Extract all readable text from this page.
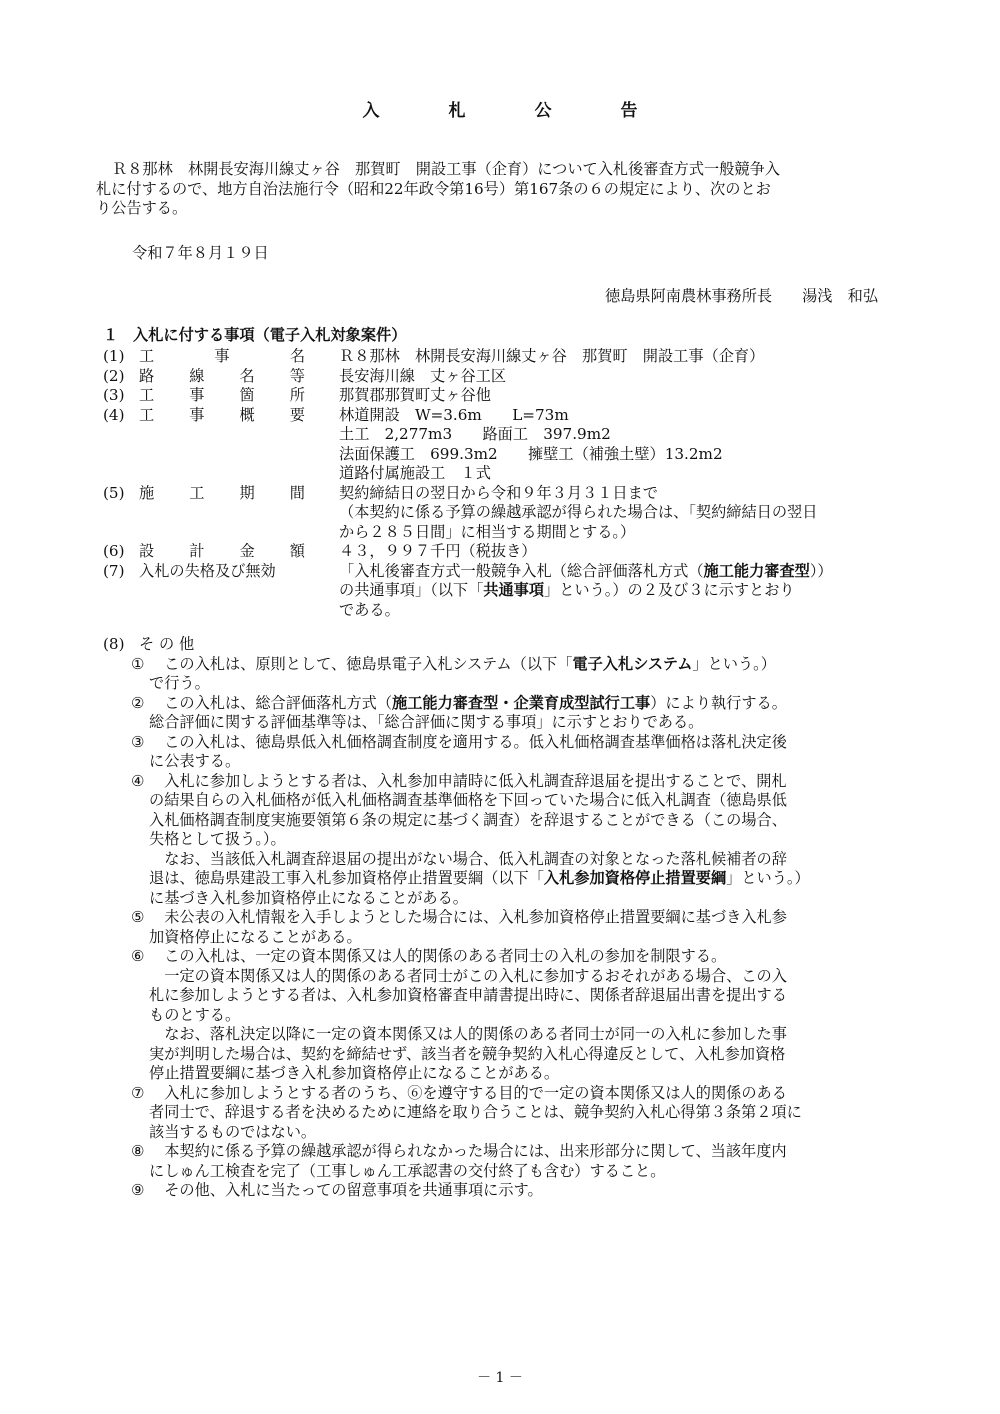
入　札　公　告
Ｒ８那林　林開長安海川線丈ヶ谷　那賀町　開設工事（企育）について入札後審査方式一般競争入
札に付するので、地方自治法施行令（昭和22年政令第16号）第167条の６の規定により、次のとお
り公告する。
令和７年８月１９日
徳島県阿南農林事務所長 湯浅　和弘
１ 入札に付する事項（電子入札対象案件）
(1) 工	事	名 Ｒ８那林　林開長安海川線丈ヶ谷　那賀町　開設工事（企育）
(2) 路 線 名 等 長安海川線　丈ヶ谷工区
(3) 工 事 箇 所 那賀郡那賀町丈ヶ谷他
(4) 工 事 概 要 林道開設　W=3.6m　　L=73m
土工　2,277m3　　路面工　397.9m2
法面保護工　699.3m2　　擁壁工（補強土壁）13.2m2
道路付属施設工　１式
(5) 施 工 期 間 契約締結日の翌日から令和９年３月３１日まで
（本契約に係る予算の繰越承認が得られた場合は、「契約締結日の翌日
から２８５日間」に相当する期間とする。）
(6) 設 計 金 額 ４３，９９７千円（税抜き）
(7) 入札の失格及び無効	「入札後審査方式一般競争入札（総合評価落札方式（施工能力審査型））
の共通事項」（以下「共通事項」という。）の２及び３に示すとおり
である。
(8) そ の 他
① 　この入札は、原則として、徳島県電子入札システム（以下「電子入札システム」という。）
で行う。
② 　この入札は、総合評価落札方式（施工能力審査型・企業育成型試行工事）により執行する。
総合評価に関する評価基準等は、「総合評価に関する事項」に示すとおりである。
③ 　この入札は、徳島県低入札価格調査制度を適用する。低入札価格調査基準価格は落札決定後
に公表する。
④ 　入札に参加しようとする者は、入札参加申請時に低入札調査辞退届を提出することで、開札
の結果自らの入札価格が低入札価格調査基準価格を下回っていた場合に低入札調査（徳島県低
入札価格調査制度実施要領第６条の規定に基づく調査）を辞退することができる（この場合、
失格として扱う。）。
　なお、当該低入札調査辞退届の提出がない場合、低入札調査の対象となった落札候補者の辞
退は、徳島県建設工事入札参加資格停止措置要綱（以下「入札参加資格停止措置要綱」という。）
に基づき入札参加資格停止になることがある。
⑤ 　未公表の入札情報を入手しようとした場合には、入札参加資格停止措置要綱に基づき入札参
加資格停止になることがある。
⑥ 　この入札は、一定の資本関係又は人的関係のある者同士の入札の参加を制限する。
　一定の資本関係又は人的関係のある者同士がこの入札に参加するおそれがある場合、この入
札に参加しようとする者は、入札参加資格審査申請書提出時に、関係者辞退届出書を提出する
ものとする。
　なお、落札決定以降に一定の資本関係又は人的関係のある者同士が同一の入札に参加した事
実が判明した場合は、契約を締結せず、該当者を競争契約入札心得違反として、入札参加資格
停止措置要綱に基づき入札参加資格停止になることがある。
⑦ 　入札に参加しようとする者のうち、⑥を遵守する目的で一定の資本関係又は人的関係のある
者同士で、辞退する者を決めるために連絡を取り合うことは、競争契約入札心得第３条第２項に
該当するものではない。
⑧ 　本契約に係る予算の繰越承認が得られなかった場合には、出来形部分に関して、当該年度内
にしゅん工検査を完了（工事しゅん工承認書の交付終了も含む）すること。
⑨ 　その他、入札に当たっての留意事項を共通事項に示す。
－ 1 －
